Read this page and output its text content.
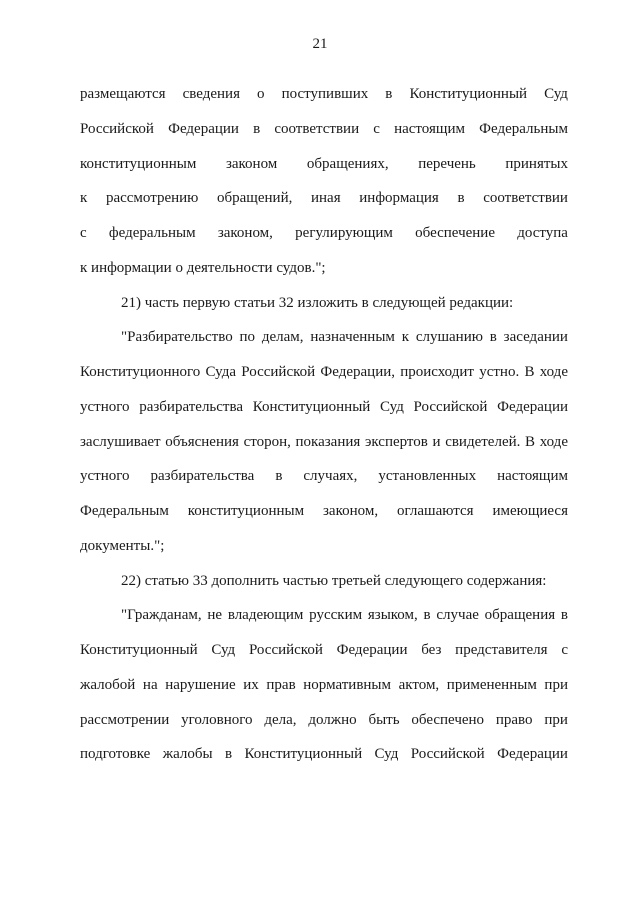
21
размещаются сведения о поступивших в Конституционный Суд
Российской Федерации в соответствии с настоящим Федеральным
конституционным законом обращениях, перечень принятых
к рассмотрению обращений, иная информация в соответствии
с федеральным законом, регулирующим обеспечение доступа
к информации о деятельности судов.";
21) часть первую статьи 32 изложить в следующей редакции:
"Разбирательство по делам, назначенным к слушанию в заседании
Конституционного Суда Российской Федерации, происходит устно. В ходе
устного разбирательства Конституционный Суд Российской Федерации
заслушивает объяснения сторон, показания экспертов и свидетелей. В ходе
устного разбирательства в случаях, установленных настоящим
Федеральным конституционным законом, оглашаются имеющиеся
документы.";
22) статью 33 дополнить частью третьей следующего содержания:
"Гражданам, не владеющим русским языком, в случае обращения в
Конституционный Суд Российской Федерации без представителя с
жалобой на нарушение их прав нормативным актом, примененным при
рассмотрении уголовного дела, должно быть обеспечено право при
подготовке жалобы в Конституционный Суд Российской Федерации
